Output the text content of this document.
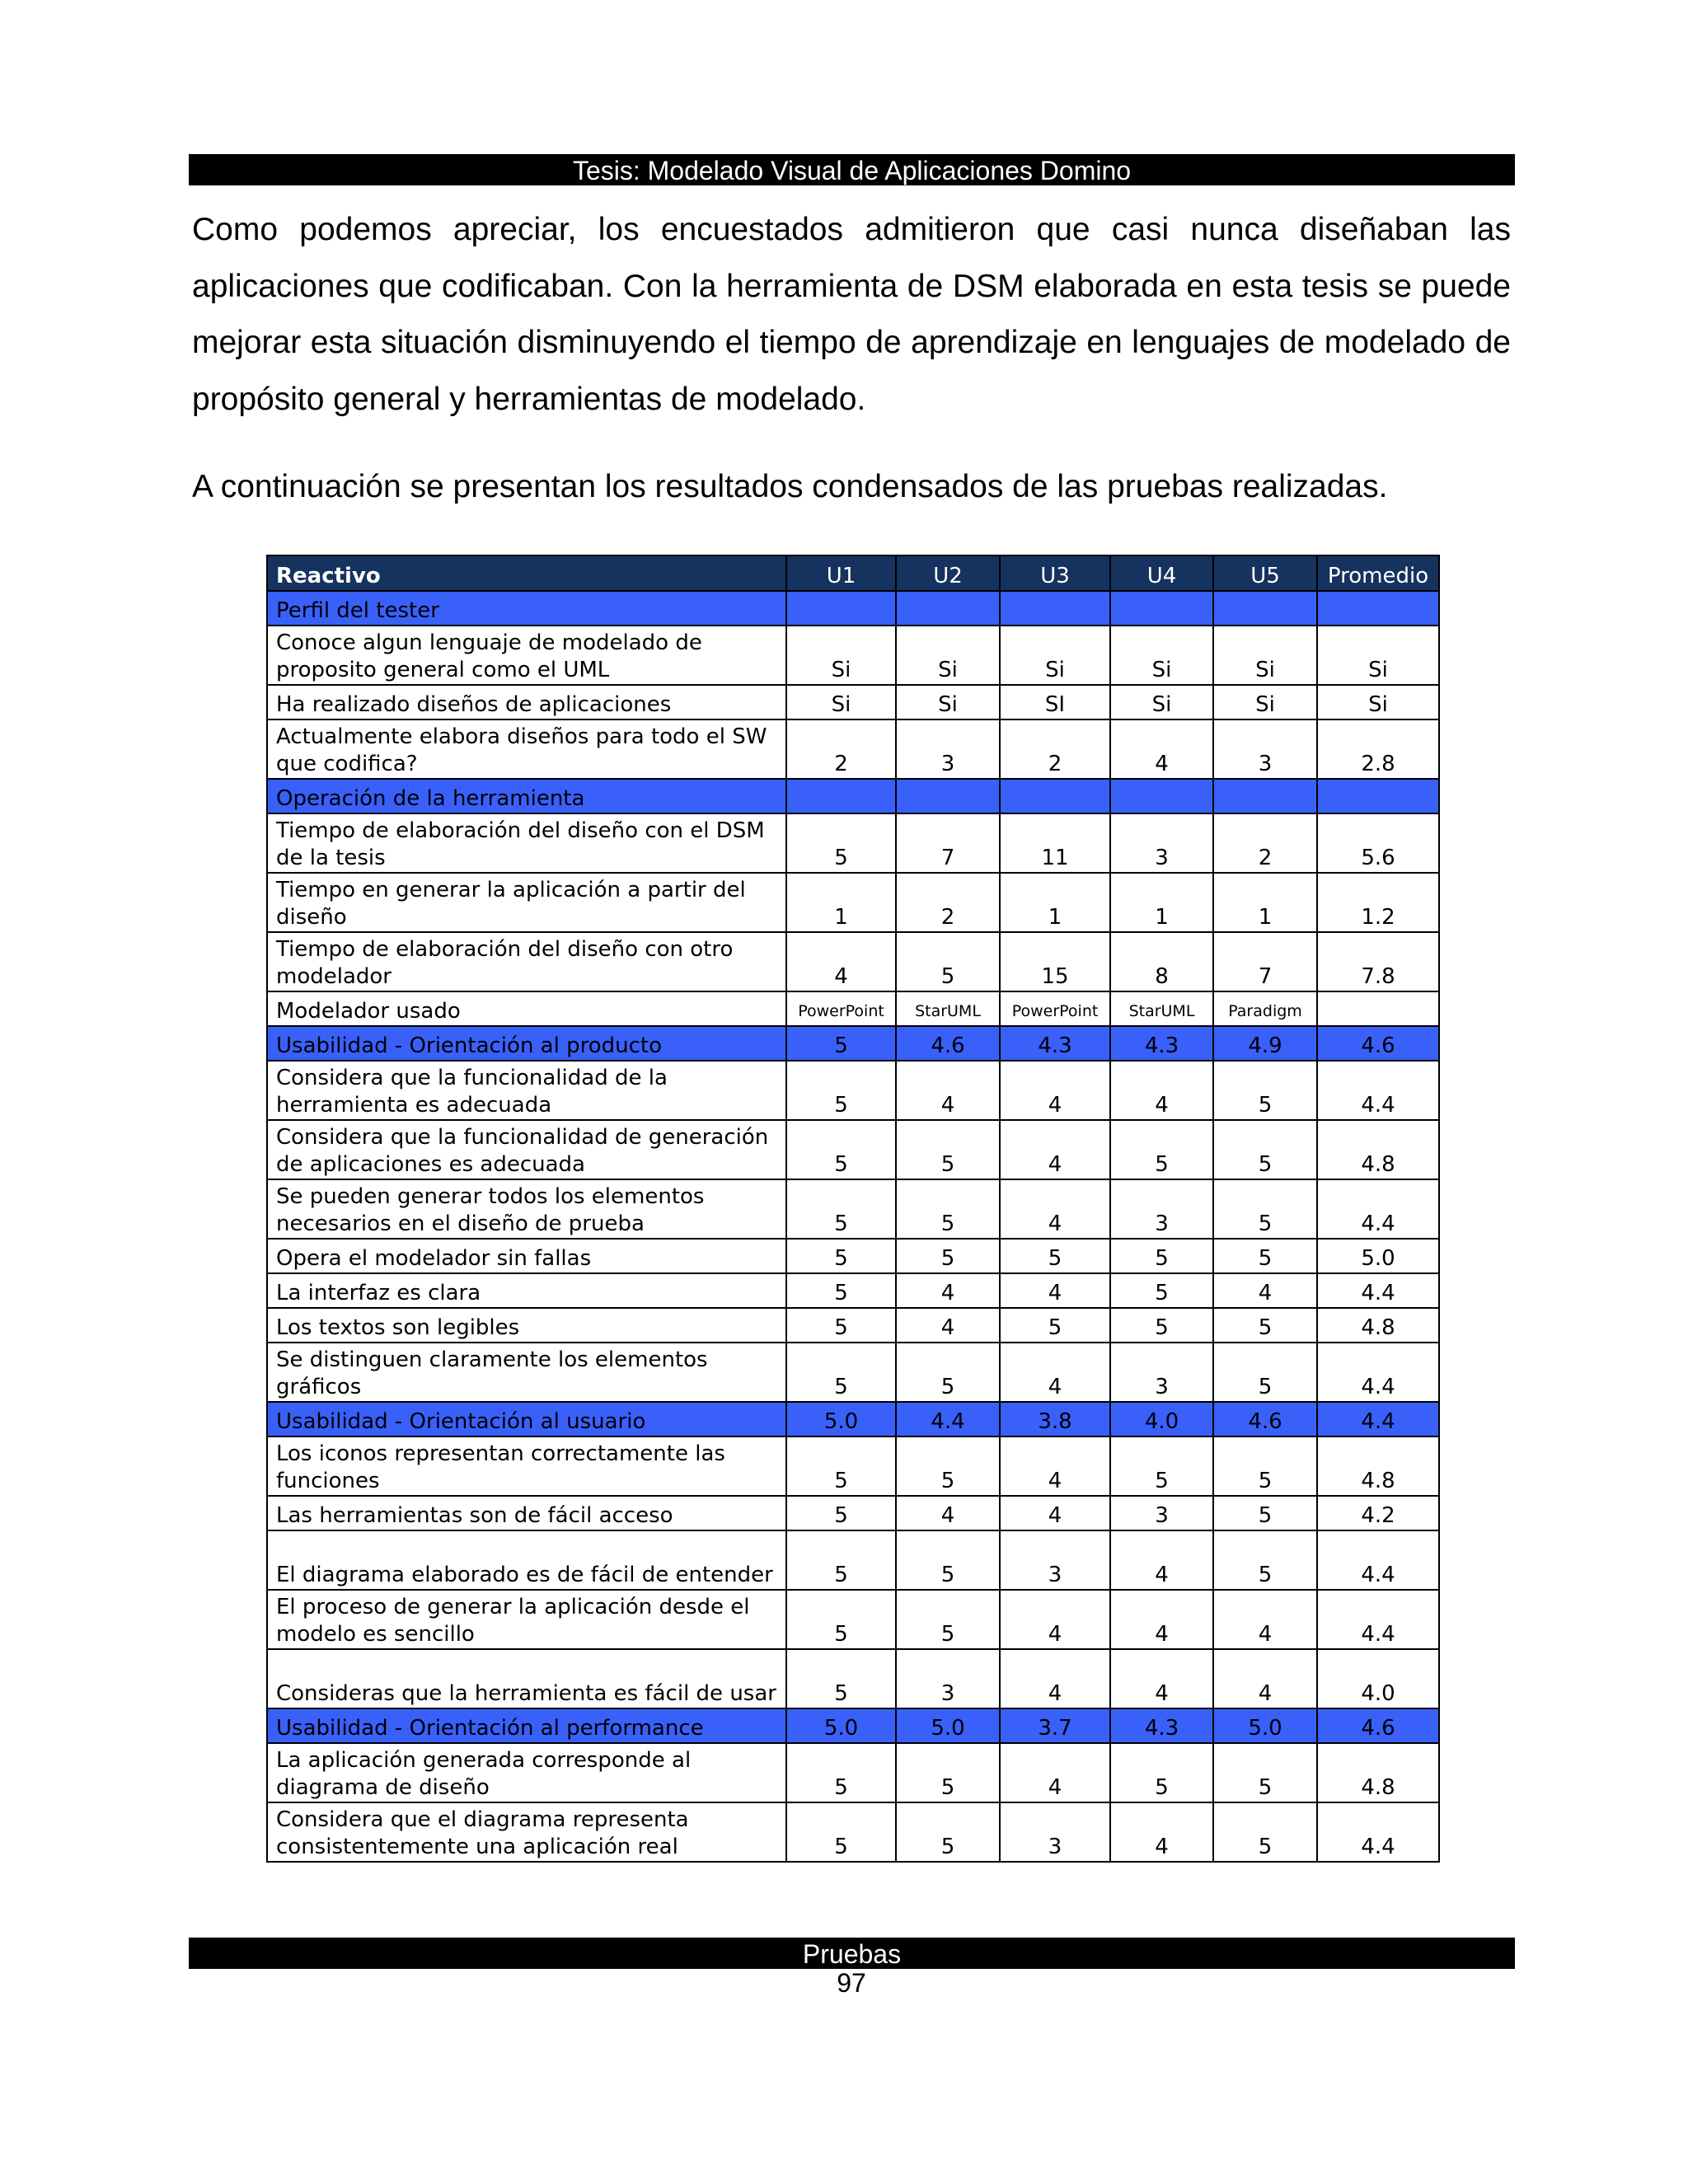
Tesis: Modelado Visual de Aplicaciones Domino
Como podemos apreciar, los encuestados admitieron que casi nunca diseñaban las aplicaciones que codificaban. Con la herramienta de DSM elaborada en esta tesis se puede mejorar esta situación disminuyendo el tiempo de aprendizaje en lenguajes de modelado de propósito general y herramientas de modelado.
A continuación se presentan los resultados condensados de las pruebas realizadas.
Reactivo	U1	U2	U3	U4	U5	Promedio
Perfil del tester						
Conoce algun lenguaje de modelado de proposito general como el UML	Si	Si	Si	Si	Si	Si
Ha realizado diseños de aplicaciones	Si	Si	SI	Si	Si	Si
Actualmente elabora diseños para todo el SW que codifica?	2	3	2	4	3	2.8
Operación de la herramienta						
Tiempo de elaboración del diseño con el DSM de la tesis	5	7	11	3	2	5.6
Tiempo en generar la aplicación a partir del diseño	1	2	1	1	1	1.2
Tiempo de elaboración del diseño con otro modelador	4	5	15	8	7	7.8
Modelador usado	PowerPoint	StarUML	PowerPoint	StarUML	Paradigm	
Usabilidad - Orientación al producto	5	4.6	4.3	4.3	4.9	4.6
Considera que la funcionalidad de la herramienta es adecuada	5	4	4	4	5	4.4
Considera que la funcionalidad de generación de aplicaciones es adecuada	5	5	4	5	5	4.8
Se pueden generar todos los elementos necesarios en el diseño de prueba	5	5	4	3	5	4.4
Opera el modelador sin fallas	5	5	5	5	5	5.0
La interfaz es clara	5	4	4	5	4	4.4
Los textos son legibles	5	4	5	5	5	4.8
Se distinguen claramente los elementos gráficos	5	5	4	3	5	4.4
Usabilidad - Orientación al usuario	5.0	4.4	3.8	4.0	4.6	4.4
Los iconos representan correctamente las funciones	5	5	4	5	5	4.8
Las herramientas son de fácil acceso	5	4	4	3	5	4.2
El diagrama elaborado es de fácil de entender	5	5	3	4	5	4.4
El proceso de generar la aplicación desde el modelo es sencillo	5	5	4	4	4	4.4
Consideras que la herramienta es fácil de usar	5	3	4	4	4	4.0
Usabilidad - Orientación al performance	5.0	5.0	3.7	4.3	5.0	4.6
La aplicación generada corresponde al diagrama de diseño	5	5	4	5	5	4.8
Considera que el diagrama representa consistentemente una aplicación real	5	5	3	4	5	4.4
Pruebas
97
